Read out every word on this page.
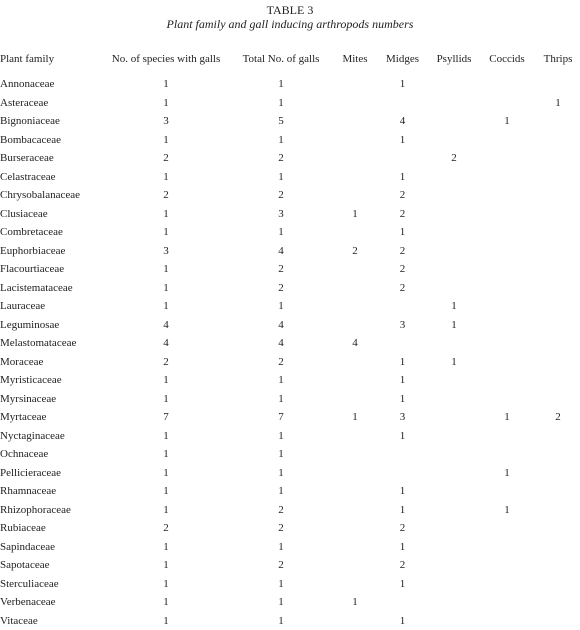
TABLE 3
Plant family and gall inducing arthropods numbers
Plant family	No. of species with galls	Total No. of galls	Mites	Midges	Psyllids	Coccids	Thrips

Annonaceae	1	1		1			
Asteraceae	1	1					1
Bignoniaceae	3	5		4		1	
Bombacaceae	1	1		1			
Burseraceae	2	2			2		
Celastraceae	1	1		1			
Chrysobalanaceae	2	2		2			
Clusiaceae	1	3	1	2			
Combretaceae	1	1		1			
Euphorbiaceae	3	4	2	2			
Flacourtiaceae	1	2		2			
Lacistemataceae	1	2		2			
Lauraceae	1	1			1		
Leguminosae	4	4		3	1		
Melastomataceae	4	4	4				
Moraceae	2	2		1	1		
Myristicaceae	1	1		1			
Myrsinaceae	1	1		1			
Myrtaceae	7	7	1	3		1	2
Nyctaginaceae	1	1		1			
Ochnaceae	1	1					
Pellicieraceae	1	1				1	
Rhamnaceae	1	1		1			
Rhizophoraceae	1	2		1		1	
Rubiaceae	2	2		2			
Sapindaceae	1	1		1			
Sapotaceae	1	2		2			
Sterculiaceae	1	1		1			
Verbenaceae	1	1	1				
Vitaceae	1	1		1			
